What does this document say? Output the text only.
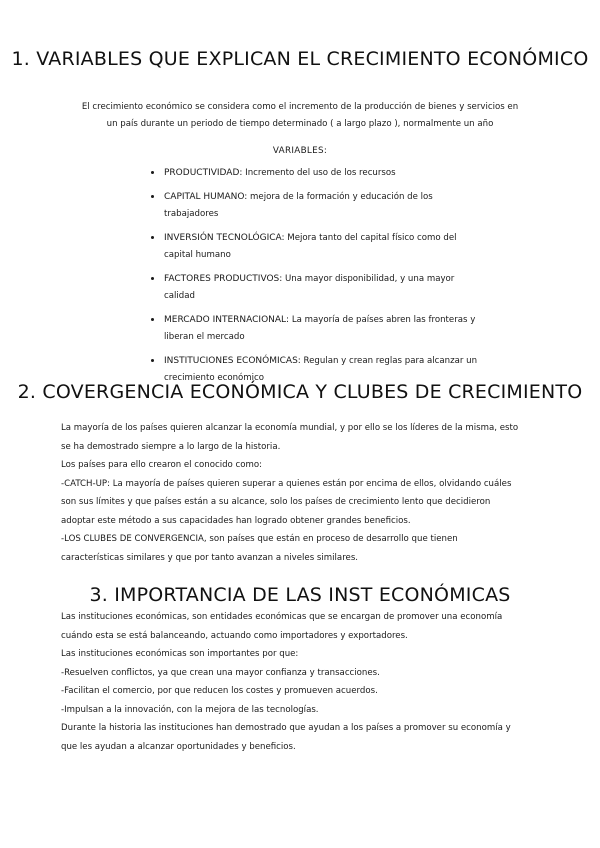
1. VARIABLES QUE EXPLICAN EL CRECIMIENTO ECONÓMICO

El crecimiento económico se considera como el incremento de la producción de bienes y servicios en

un país durante un periodo de tiempo determinado ( a largo plazo ), normalmente un año

VARIABLES:
• PRODUCTIVIDAD: Incremento del uso de los recursos
• CAPITAL HUMANO: mejora de la formación y educación de los
trabajadores
• INVERSIÓN TECNOLÓGICA: Mejora tanto del capital físico como del
capital humano
• FACTORES PRODUCTIVOS: Una mayor disponibilidad, y una mayor
calidad
• MERCADO INTERNACIONAL: La mayoría de países abren las fronteras y
liberan el mercado
• INSTITUCIONES ECONÓMICAS: Regulan y crean reglas para alcanzar un
crecimiento económico
2. COVERGENCIA ECONÓMICA Y CLUBES DE CRECIMIENTO

La mayoría de los países quieren alcanzar la economía mundial, y por ello se los líderes de la misma, esto

se ha demostrado siempre a lo largo de la historia.

Los países para ello crearon el conocido como:

-CATCH-UP: La mayoría de países quieren superar a quienes están por encima de ellos, olvidando cuáles

son sus límites y que países están a su alcance, solo los países de crecimiento lento que decidieron

adoptar este método a sus capacidades han logrado obtener grandes beneficios.

-LOS CLUBES DE CONVERGENCIA, son países que están en proceso de desarrollo que tienen

características similares y que por tanto avanzan a niveles similares.

3. IMPORTANCIA DE LAS INST ECONÓMICAS

Las instituciones económicas, son entidades económicas que se encargan de promover una economía

cuándo esta se está balanceando, actuando como importadores y exportadores.

Las instituciones económicas son importantes por que:

-Resuelven conflictos, ya que crean una mayor confianza y transacciones.

-Facilitan el comercio, por que reducen los costes y promueven acuerdos.

-Impulsan a la innovación, con la mejora de las tecnologías.

Durante la historia las instituciones han demostrado que ayudan a los países a promover su economía y

que les ayudan a alcanzar oportunidades y beneficios.
